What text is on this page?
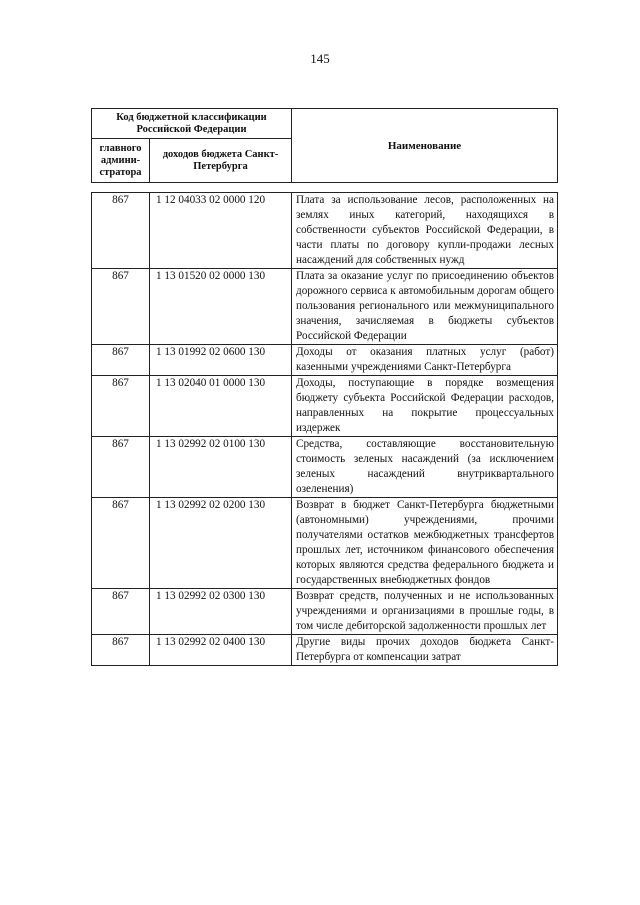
145
Код бюджетной классификации Российской Федерации		Наименование
главного админи-стратора	доходов бюджета Санкт-Петербурга	
867	1 12 04033 02 0000 120	Плата за использование лесов, расположенных на землях иных категорий, находящихся в собственности субъектов Российской Федерации, в части платы по договору купли-продажи лесных насаждений для собственных нужд
867	1 13 01520 02 0000 130	Плата за оказание услуг по присоединению объектов дорожного сервиса к автомобильным дорогам общего пользования регионального или межмуниципального значения, зачисляемая в бюджеты субъектов Российской Федерации
867	1 13 01992 02 0600 130	Доходы от оказания платных услуг (работ) казенными учреждениями Санкт-Петербурга
867	1 13 02040 01 0000 130	Доходы, поступающие в порядке возмещения бюджету субъекта Российской Федерации расходов, направленных на покрытие процессуальных издержек
867	1 13 02992 02 0100 130	Средства, составляющие восстановительную стоимость зеленых насаждений (за исключением зеленых насаждений внутриквартального озеленения)
867	1 13 02992 02 0200 130	Возврат в бюджет Санкт-Петербурга бюджетными (автономными) учреждениями, прочими получателями остатков межбюджетных трансфертов прошлых лет, источником финансового обеспечения которых являются средства федерального бюджета и государственных внебюджетных фондов
867	1 13 02992 02 0300 130	Возврат средств, полученных и не использованных учреждениями и организациями в прошлые годы, в том числе дебиторской задолженности прошлых лет
867	1 13 02992 02 0400 130	Другие виды прочих доходов бюджета Санкт-Петербурга от компенсации затрат
